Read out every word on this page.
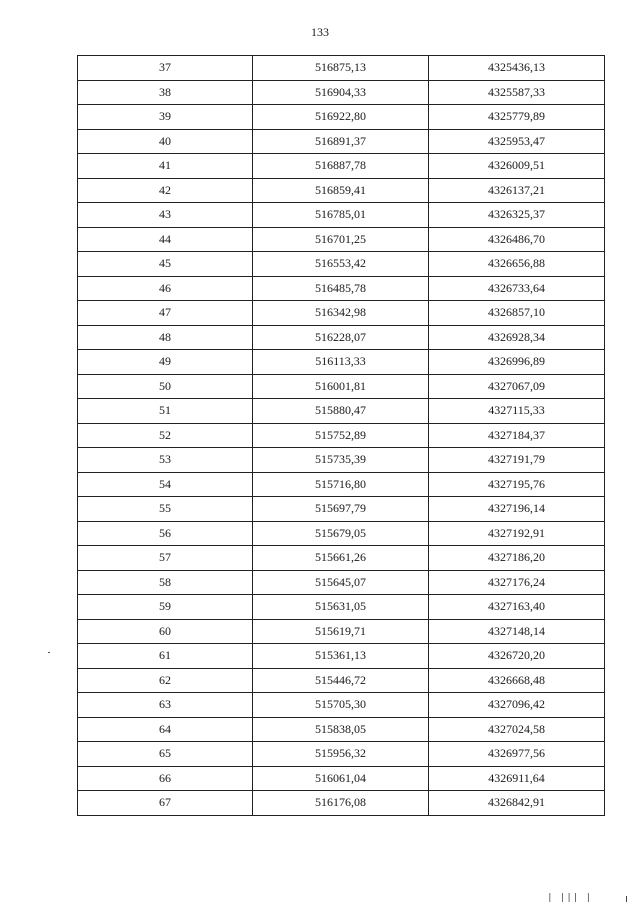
133
37	516875,13	4325436,13
38	516904,33	4325587,33
39	516922,80	4325779,89
40	516891,37	4325953,47
41	516887,78	4326009,51
42	516859,41	4326137,21
43	516785,01	4326325,37
44	516701,25	4326486,70
45	516553,42	4326656,88
46	516485,78	4326733,64
47	516342,98	4326857,10
48	516228,07	4326928,34
49	516113,33	4326996,89
50	516001,81	4327067,09
51	515880,47	4327115,33
52	515752,89	4327184,37
53	515735,39	4327191,79
54	515716,80	4327195,76
55	515697,79	4327196,14
56	515679,05	4327192,91
57	515661,26	4327186,20
58	515645,07	4327176,24
59	515631,05	4327163,40
60	515619,71	4327148,14
61	515361,13	4326720,20
62	515446,72	4326668,48
63	515705,30	4327096,42
64	515838,05	4327024,58
65	515956,32	4326977,56
66	516061,04	4326911,64
67	516176,08	4326842,91
| ||| |
